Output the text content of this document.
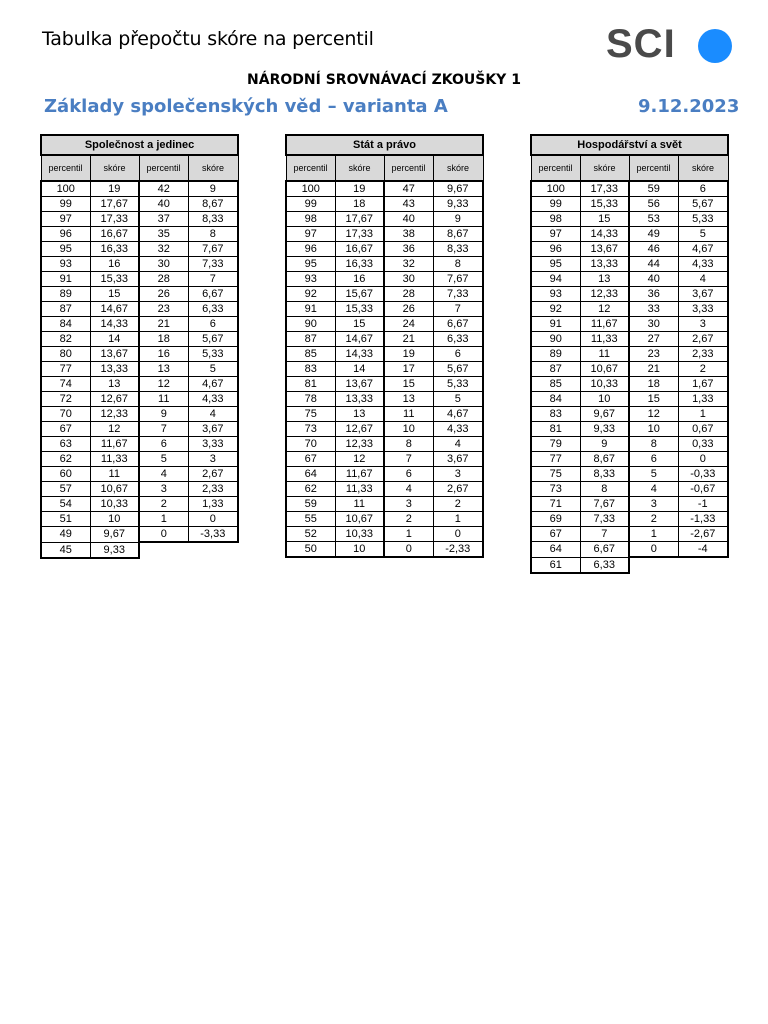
Tabulka přepočtu skóre na percentil	SCI
NÁRODNÍ SROVNÁVACÍ ZKOUŠKY 1
Základy společenských věd – varianta A	9.12.2023
Společnost a jedinec			
percentil	skóre	percentil	skóre
100	19	42	9
99	17,67	40	8,67
97	17,33	37	8,33
96	16,67	35	8
95	16,33	32	7,67
93	16	30	7,33
91	15,33	28	7
89	15	26	6,67
87	14,67	23	6,33
84	14,33	21	6
82	14	18	5,67
80	13,67	16	5,33
77	13,33	13	5
74	13	12	4,67
72	12,67	11	4,33
70	12,33	9	4
67	12	7	3,67
63	11,67	6	3,33
62	11,33	5	3
60	11	4	2,67
57	10,67	3	2,33
54	10,33	2	1,33
51	10	1	0
49	9,67	0	-3,33
45	9,33		
Stát a právo			
percentil	skóre	percentil	skóre
100	19	47	9,67
99	18	43	9,33
98	17,67	40	9
97	17,33	38	8,67
96	16,67	36	8,33
95	16,33	32	8
93	16	30	7,67
92	15,67	28	7,33
91	15,33	26	7
90	15	24	6,67
87	14,67	21	6,33
85	14,33	19	6
83	14	17	5,67
81	13,67	15	5,33
78	13,33	13	5
75	13	11	4,67
73	12,67	10	4,33
70	12,33	8	4
67	12	7	3,67
64	11,67	6	3
62	11,33	4	2,67
59	11	3	2
55	10,67	2	1
52	10,33	1	0
50	10	0	-2,33
Hospodářství a svět			
percentil	skóre	percentil	skóre
100	17,33	59	6
99	15,33	56	5,67
98	15	53	5,33
97	14,33	49	5
96	13,67	46	4,67
95	13,33	44	4,33
94	13	40	4
93	12,33	36	3,67
92	12	33	3,33
91	11,67	30	3
90	11,33	27	2,67
89	11	23	2,33
87	10,67	21	2
85	10,33	18	1,67
84	10	15	1,33
83	9,67	12	1
81	9,33	10	0,67
79	9	8	0,33
77	8,67	6	0
75	8,33	5	-0,33
73	8	4	-0,67
71	7,67	3	-1
69	7,33	2	-1,33
67	7	1	-2,67
64	6,67	0	-4
61	6,33		
